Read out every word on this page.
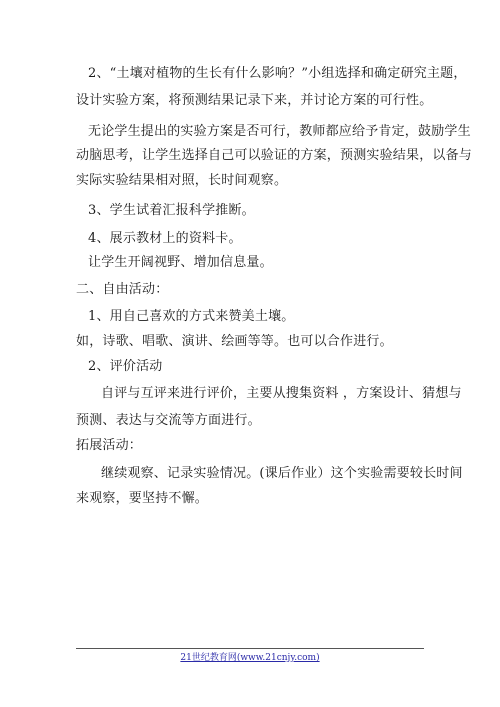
2、“土壤对植物的生长有什么影响？”小组选择和确定研究主题，
设计实验方案，将预测结果记录下来，并讨论方案的可行性。
无论学生提出的实验方案是否可行，教师都应给予肯定，鼓励学生
动脑思考，让学生选择自己可以验证的方案，预测实验结果，以备与
实际实验结果相对照，长时间观察。
3、学生试着汇报科学推断。
4、展示教材上的资料卡。
让学生开阔视野、增加信息量。
二、自由活动：
1、用自己喜欢的方式来赞美土壤。
如，诗歌、唱歌、演讲、绘画等等。也可以合作进行。
2、评价活动
自评与互评来进行评价，主要从搜集资料 ，方案设计、猜想与
预测、表达与交流等方面进行。
拓展活动：
继续观察、记录实验情况。(课后作业）这个实验需要较长时间
来观察，要坚持不懈。
21世纪教育网(www.21cnjy.com)
